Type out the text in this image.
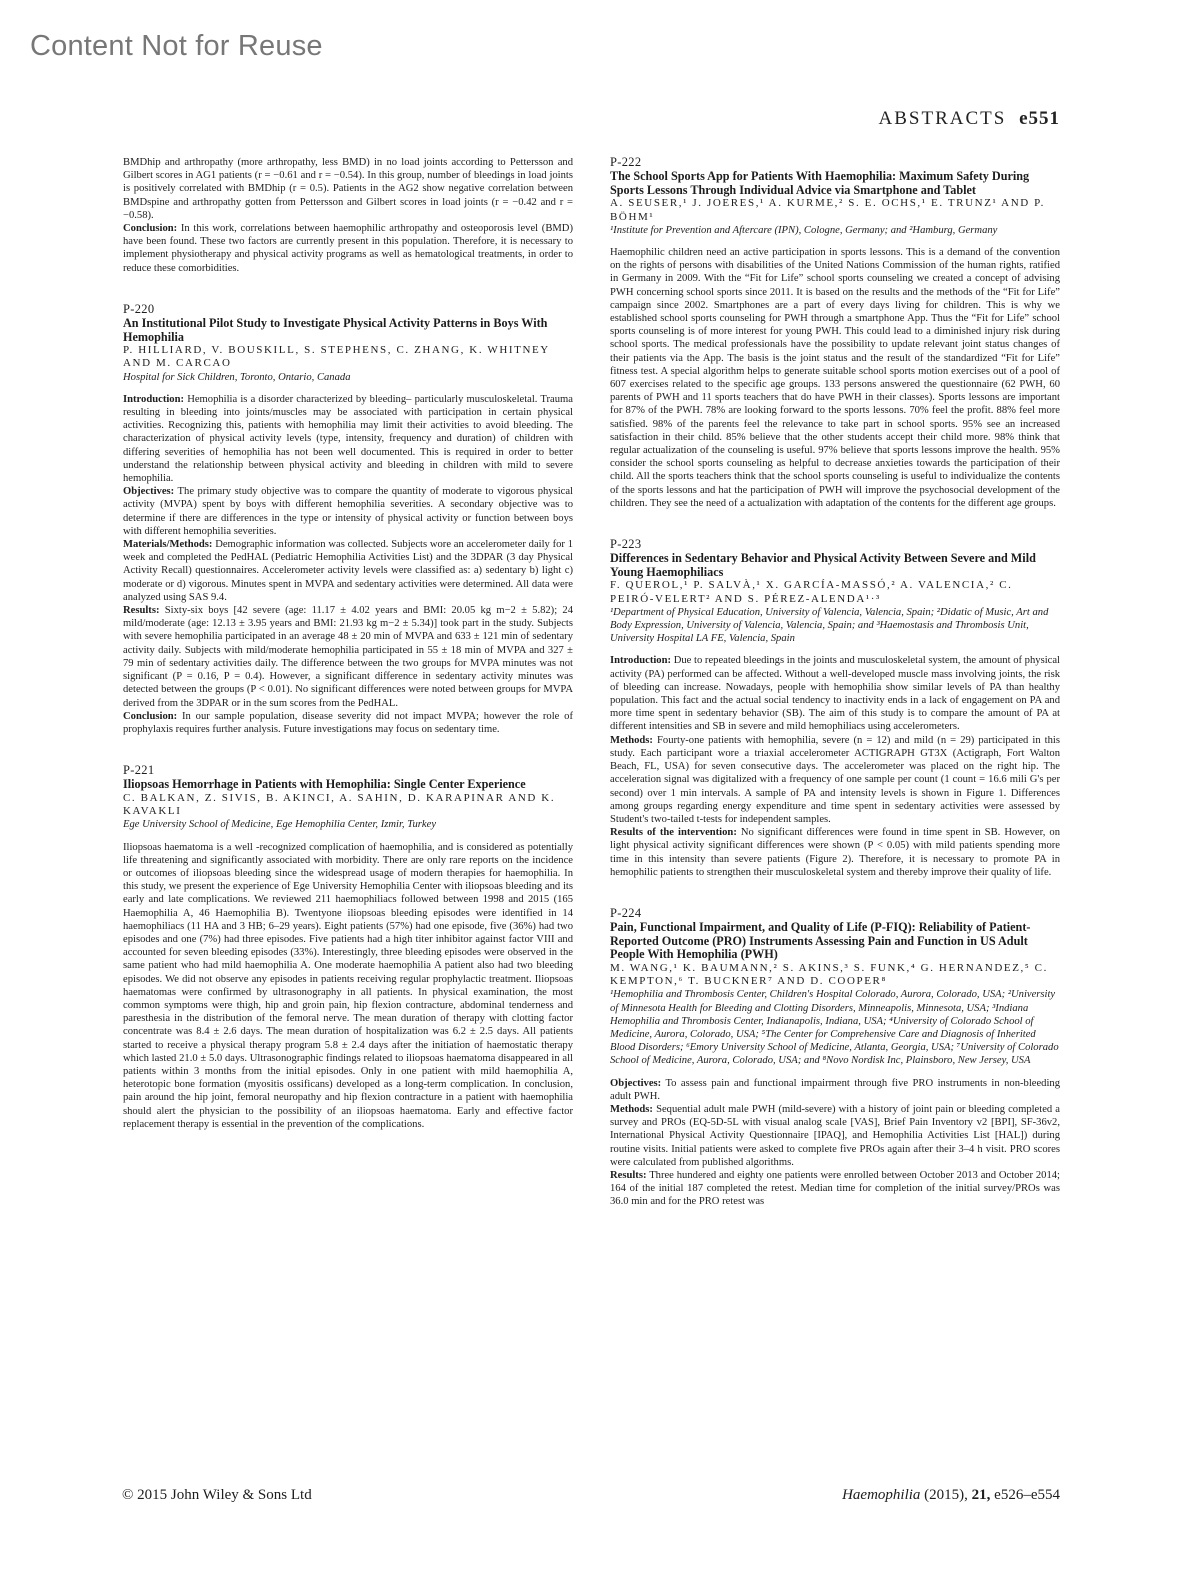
Content Not for Reuse
ABSTRACTS e551

BMDhip and arthropathy (more arthropathy, less BMD) in no load joints according to Pettersson and Gilbert scores in AG1 patients (r = −0.61 and r = −0.54). In this group, number of bleedings in load joints is positively correlated with BMDhip (r = 0.5). Patients in the AG2 show negative correlation between BMDspine and arthropathy gotten from Pettersson and Gilbert scores in load joints (r = −0.42 and r = −0.58).

Conclusion: In this work, correlations between haemophilic arthropathy and osteoporosis level (BMD) have been found. These two factors are currently present in this population. Therefore, it is necessary to implement physiotherapy and physical activity programs as well as hematological treatments, in order to reduce these comorbidities.

P-220
An Institutional Pilot Study to Investigate Physical Activity Patterns in Boys With Hemophilia
P. HILLIARD, V. BOUSKILL, S. STEPHENS, C. ZHANG, K. WHITNEY AND M. CARCAO
Hospital for Sick Children, Toronto, Ontario, Canada

Introduction: Hemophilia is a disorder characterized by bleeding– particularly musculoskeletal. Trauma resulting in bleeding into joints/muscles may be associated with participation in certain physical activities. Recognizing this, patients with hemophilia may limit their activities to avoid bleeding. The characterization of physical activity levels (type, intensity, frequency and duration) of children with differing severities of hemophilia has not been well documented. This is required in order to better understand the relationship between physical activity and bleeding in children with mild to severe hemophilia.

Objectives: The primary study objective was to compare the quantity of moderate to vigorous physical activity (MVPA) spent by boys with different hemophilia severities. A secondary objective was to determine if there are differences in the type or intensity of physical activity or function between boys with different hemophilia severities.

Materials/Methods: Demographic information was collected. Subjects wore an accelerometer daily for 1 week and completed the PedHAL (Pediatric Hemophilia Activities List) and the 3DPAR (3 day Physical Activity Recall) questionnaires. Accelerometer activity levels were classified as: a) sedentary b) light c) moderate or d) vigorous. Minutes spent in MVPA and sedentary activities were determined. All data were analyzed using SAS 9.4.

Results: Sixty-six boys [42 severe (age: 11.17 ± 4.02 years and BMI: 20.05 kg m−2 ± 5.82); 24 mild/moderate (age: 12.13 ± 3.95 years and BMI: 21.93 kg m−2 ± 5.34)] took part in the study. Subjects with severe hemophilia participated in an average 48 ± 20 min of MVPA and 633 ± 121 min of sedentary activity daily. Subjects with mild/moderate hemophilia participated in 55 ± 18 min of MVPA and 327 ± 79 min of sedentary activities daily. The difference between the two groups for MVPA minutes was not significant (P = 0.16, P = 0.4). However, a significant difference in sedentary activity minutes was detected between the groups (P < 0.01). No significant differences were noted between groups for MVPA derived from the 3DPAR or in the sum scores from the PedHAL.

Conclusion: In our sample population, disease severity did not impact MVPA; however the role of prophylaxis requires further analysis. Future investigations may focus on sedentary time.

P-221
Iliopsoas Hemorrhage in Patients with Hemophilia: Single Center Experience
C. BALKAN, Z. SIVIS, B. AKINCI, A. SAHIN, D. KARAPINAR AND K. KAVAKLI
Ege University School of Medicine, Ege Hemophilia Center, Izmir, Turkey

Iliopsoas haematoma is a well -recognized complication of haemophilia, and is considered as potentially life threatening and significantly associated with morbidity. There are only rare reports on the incidence or outcomes of iliopsoas bleeding since the widespread usage of modern therapies for haemophilia. In this study, we present the experience of Ege University Hemophilia Center with iliopsoas bleeding and its early and late complications. We reviewed 211 haemophiliacs followed between 1998 and 2015 (165 Haemophilia A, 46 Haemophilia B). Twentyone iliopsoas bleeding episodes were identified in 14 haemophiliacs (11 HA and 3 HB; 6–29 years). Eight patients (57%) had one episode, five (36%) had two episodes and one (7%) had three episodes. Five patients had a high titer inhibitor against factor VIII and accounted for seven bleeding episodes (33%). Interestingly, three bleeding episodes were observed in the same patient who had mild haemophilia A. One moderate haemophilia A patient also had two bleeding episodes. We did not observe any episodes in patients receiving regular prophylactic treatment. Iliopsoas haematomas were confirmed by ultrasonography in all patients. In physical examination, the most common symptoms were thigh, hip and groin pain, hip flexion contracture, abdominal tenderness and paresthesia in the distribution of the femoral nerve. The mean duration of therapy with clotting factor concentrate was 8.4 ± 2.6 days. The mean duration of hospitalization was 6.2 ± 2.5 days. All patients started to receive a physical therapy program 5.8 ± 2.4 days after the initiation of haemostatic therapy which lasted 21.0 ± 5.0 days. Ultrasonographic findings related to iliopsoas haematoma disappeared in all patients within 3 months from the initial episodes. Only in one patient with mild haemophilia A, heterotopic bone formation (myositis ossificans) developed as a long-term complication. In conclusion, pain around the hip joint, femoral neuropathy and hip flexion contracture in a patient with haemophilia should alert the physician to the possibility of an iliopsoas haematoma. Early and effective factor replacement therapy is essential in the prevention of the complications.

P-222
The School Sports App for Patients With Haemophilia: Maximum Safety During Sports Lessons Through Individual Advice via Smartphone and Tablet
A. SEUSER,¹ J. JOERES,¹ A. KURME,² S. E. OCHS,¹ E. TRUNZ¹ AND P. BÖHM¹
¹Institute for Prevention and Aftercare (IPN), Cologne, Germany; and ²Hamburg, Germany

Haemophilic children need an active participation in sports lessons. This is a demand of the convention on the rights of persons with disabilities of the United Nations Commission of the human rights, ratified in Germany in 2009. With the “Fit for Life” school sports counseling we created a concept of advising PWH concerning school sports since 2011. It is based on the results and the methods of the “Fit for Life” campaign since 2002. Smartphones are a part of every days living for children. This is why we established school sports counseling for PWH through a smartphone App. Thus the “Fit for Life” school sports counseling is of more interest for young PWH. This could lead to a diminished injury risk during school sports. The medical professionals have the possibility to update relevant joint status changes of their patients via the App. The basis is the joint status and the result of the standardized “Fit for Life” fitness test. A special algorithm helps to generate suitable school sports motion exercises out of a pool of 607 exercises related to the specific age groups. 133 persons answered the questionnaire (62 PWH, 60 parents of PWH and 11 sports teachers that do have PWH in their classes). Sports lessons are important for 87% of the PWH. 78% are looking forward to the sports lessons. 70% feel the profit. 88% feel more satisfied. 98% of the parents feel the relevance to take part in school sports. 95% see an increased satisfaction in their child. 85% believe that the other students accept their child more. 98% think that regular actualization of the counseling is useful. 97% believe that sports lessons improve the health. 95% consider the school sports counseling as helpful to decrease anxieties towards the participation of their child. All the sports teachers think that the school sports counseling is useful to individualize the contents of the sports lessons and hat the participation of PWH will improve the psychosocial development of the children. They see the need of a actualization with adaptation of the contents for the different age groups.

P-223
Differences in Sedentary Behavior and Physical Activity Between Severe and Mild Young Haemophiliacs
F. QUEROL,¹ P. SALVÀ,¹ X. GARCÍA-MASSÓ,² A. VALENCIA,² C. PEIRÓ-VELERT² AND S. PÉREZ-ALENDA¹·³
¹Department of Physical Education, University of Valencia, Valencia, Spain; ²Didatic of Music, Art and Body Expression, University of Valencia, Valencia, Spain; and ³Haemostasis and Thrombosis Unit, University Hospital LA FE, Valencia, Spain

Introduction: Due to repeated bleedings in the joints and musculoskeletal system, the amount of physical activity (PA) performed can be affected. Without a well-developed muscle mass involving joints, the risk of bleeding can increase. Nowadays, people with hemophilia show similar levels of PA than healthy population. This fact and the actual social tendency to inactivity ends in a lack of engagement on PA and more time spent in sedentary behavior (SB). The aim of this study is to compare the amount of PA at different intensities and SB in severe and mild hemophiliacs using accelerometers.

Methods: Fourty-one patients with hemophilia, severe (n = 12) and mild (n = 29) participated in this study. Each participant wore a triaxial accelerometer ACTIGRAPH GT3X (Actigraph, Fort Walton Beach, FL, USA) for seven consecutive days. The accelerometer was placed on the right hip. The acceleration signal was digitalized with a frequency of one sample per count (1 count = 16.6 mili G's per second) over 1 min intervals. A sample of PA and intensity levels is shown in Figure 1. Differences among groups regarding energy expenditure and time spent in sedentary activities were assessed by Student's two-tailed t-tests for independent samples.

Results of the intervention: No significant differences were found in time spent in SB. However, on light physical activity significant differences were shown (P < 0.05) with mild patients spending more time in this intensity than severe patients (Figure 2). Therefore, it is necessary to promote PA in hemophilic patients to strengthen their musculoskeletal system and thereby improve their quality of life.

P-224
Pain, Functional Impairment, and Quality of Life (P-FIQ): Reliability of Patient-Reported Outcome (PRO) Instruments Assessing Pain and Function in US Adult People With Hemophilia (PWH)
M. WANG,¹ K. BAUMANN,² S. AKINS,³ S. FUNK,⁴ G. HERNANDEZ,⁵ C. KEMPTON,⁶ T. BUCKNER⁷ AND D. COOPER⁸
¹Hemophilia and Thrombosis Center, Children's Hospital Colorado, Aurora, Colorado, USA; ²University of Minnesota Health for Bleeding and Clotting Disorders, Minneapolis, Minnesota, USA; ³Indiana Hemophilia and Thrombosis Center, Indianapolis, Indiana, USA; ⁴University of Colorado School of Medicine, Aurora, Colorado, USA; ⁵The Center for Comprehensive Care and Diagnosis of Inherited Blood Disorders; ⁶Emory University School of Medicine, Atlanta, Georgia, USA; ⁷University of Colorado School of Medicine, Aurora, Colorado, USA; and ⁸Novo Nordisk Inc, Plainsboro, New Jersey, USA

Objectives: To assess pain and functional impairment through five PRO instruments in non-bleeding adult PWH.

Methods: Sequential adult male PWH (mild-severe) with a history of joint pain or bleeding completed a survey and PROs (EQ-5D-5L with visual analog scale [VAS], Brief Pain Inventory v2 [BPI], SF-36v2, International Physical Activity Questionnaire [IPAQ], and Hemophilia Activities List [HAL]) during routine visits. Initial patients were asked to complete five PROs again after their 3–4 h visit. PRO scores were calculated from published algorithms.

Results: Three hundered and eighty one patients were enrolled between October 2013 and October 2014; 164 of the initial 187 completed the retest. Median time for completion of the initial survey/PROs was 36.0 min and for the PRO retest was

© 2015 John Wiley & Sons Ltd	Haemophilia (2015), 21, e526–e554
